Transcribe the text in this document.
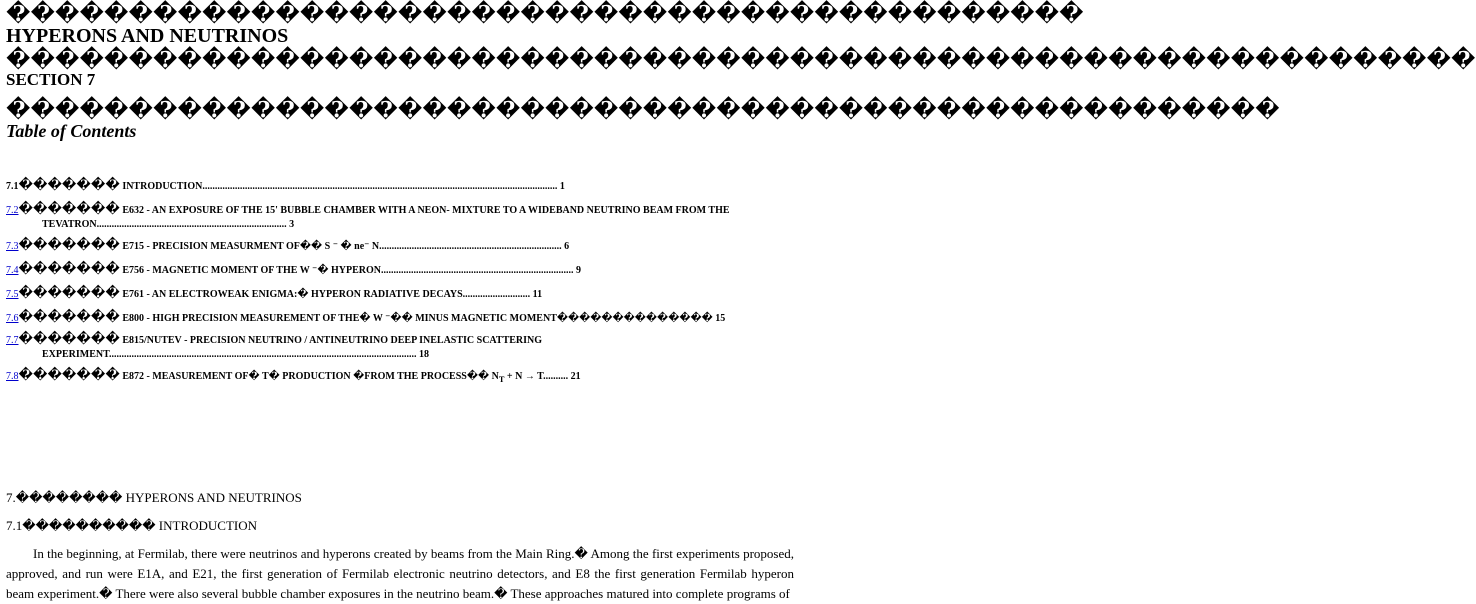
��������������������������������������������
HYPERONS AND NEUTRINOS
������������������������������������������������������������
SECTION 7
����������������������������������������������������
Table of Contents
7.1������� INTRODUCTION.............................................................................................................................................. 1
7.2������� E632 - AN EXPOSURE OF THE 15' BUBBLE CHAMBER WITH A NEON- MIXTURE TO A WIDEBAND NEUTRINO BEAM FROM THE
TEVATRON............................................................................ 3
7.3������� E715 - PRECISION MEASURMENT OF�� S ⁻ � ne⁻ N......................................................................... 6
7.4������� E756 - MAGNETIC MOMENT OF THE W ⁻� HYPERON............................................................................. 9
7.5������� E761 - AN ELECTROWEAK ENIGMA:� HYPERON RADIATIVE DECAYS........................... 11
7.6������� E800 - HIGH PRECISION MEASUREMENT OF THE� W ⁻�� MINUS MAGNETIC MOMENT�������������� 15
7.7������� E815/NUTEV - PRECISION NEUTRINO / ANTINEUTRINO DEEP INELASTIC SCATTERING
EXPERIMENT........................................................................................................................... 18
7.8������� E872 - MEASUREMENT OF� T� PRODUCTION �FROM THE PROCESS�� $N_T + N \to T$.......... 21
7.�������� HYPERONS AND NEUTRINOS
7.1���������� INTRODUCTION

In the beginning, at Fermilab, there were neutrinos and hyperons created by beams from the Main Ring.� Among the first experiments proposed, approved, and run were E1A, and E21, the first generation of Fermilab electronic neutrino detectors, and E8 the first generation Fermilab hyperon beam experiment.� There were also several bubble chamber exposures in the neutrino beam.� These approaches matured into complete programs of
